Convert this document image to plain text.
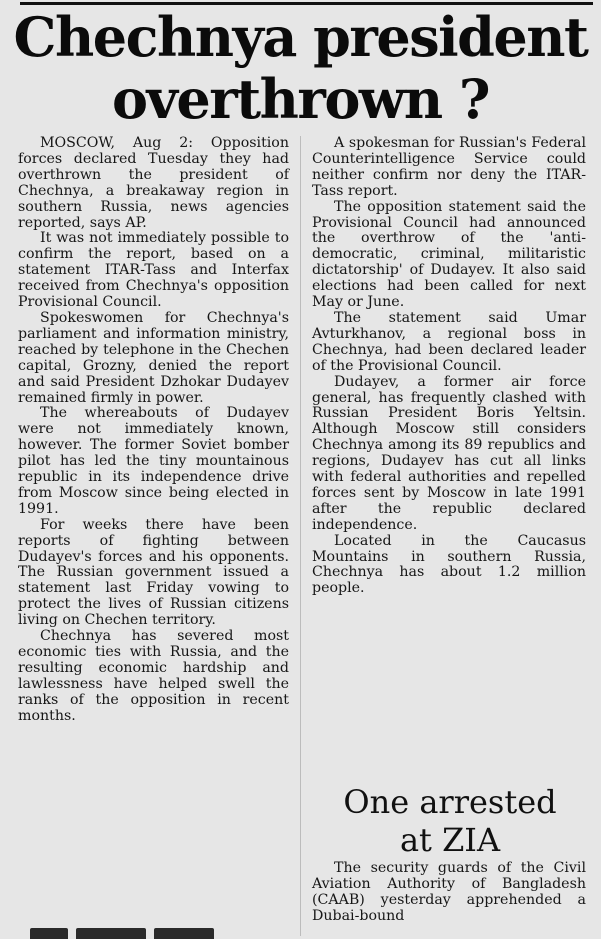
Chechnya president
overthrown ?

MOSCOW, Aug 2: Opposition forces declared Tuesday they had overthrown the president of Chechnya, a breakaway region in southern Russia, news agencies reported, says AP.

It was not immediately possible to confirm the report, based on a statement ITAR-Tass and Interfax received from Chechnya's opposition Provisional Council.

Spokeswomen for Chechnya's parliament and information ministry, reached by telephone in the Chechen capital, Grozny, denied the report and said President Dzhokar Dudayev remained firmly in power.

The whereabouts of Dudayev were not immediately known, however. The former Soviet bomber pilot has led the tiny mountainous republic in its independence drive from Moscow since being elected in 1991.

For weeks there have been reports of fighting between Dudayev's forces and his opponents. The Russian government issued a statement last Friday vowing to protect the lives of Russian citizens living on Chechen territory.

Chechnya has severed most economic ties with Russia, and the resulting economic hardship and lawlessness have helped swell the ranks of the opposition in recent months.

A spokesman for Russian's Federal Counterintelligence Service could neither confirm nor deny the ITAR-Tass report.

The opposition statement said the Provisional Council had announced the overthrow of the 'anti-democratic, criminal, militaristic dictatorship' of Dudayev. It also said elections had been called for next May or June.

The statement said Umar Avturkhanov, a regional boss in Chechnya, had been declared leader of the Provisional Council.

Dudayev, a former air force general, has frequently clashed with Russian President Boris Yeltsin. Although Moscow still considers Chechnya among its 89 republics and regions, Dudayev has cut all links with federal authorities and repelled forces sent by Moscow in late 1991 after the republic declared independence.

Located in the Caucasus Mountains in southern Russia, Chechnya has about 1.2 million people.

One arrested
at ZIA

The security guards of the Civil Aviation Authority of Bangladesh (CAAB) yesterday apprehended a Dubai-bound
